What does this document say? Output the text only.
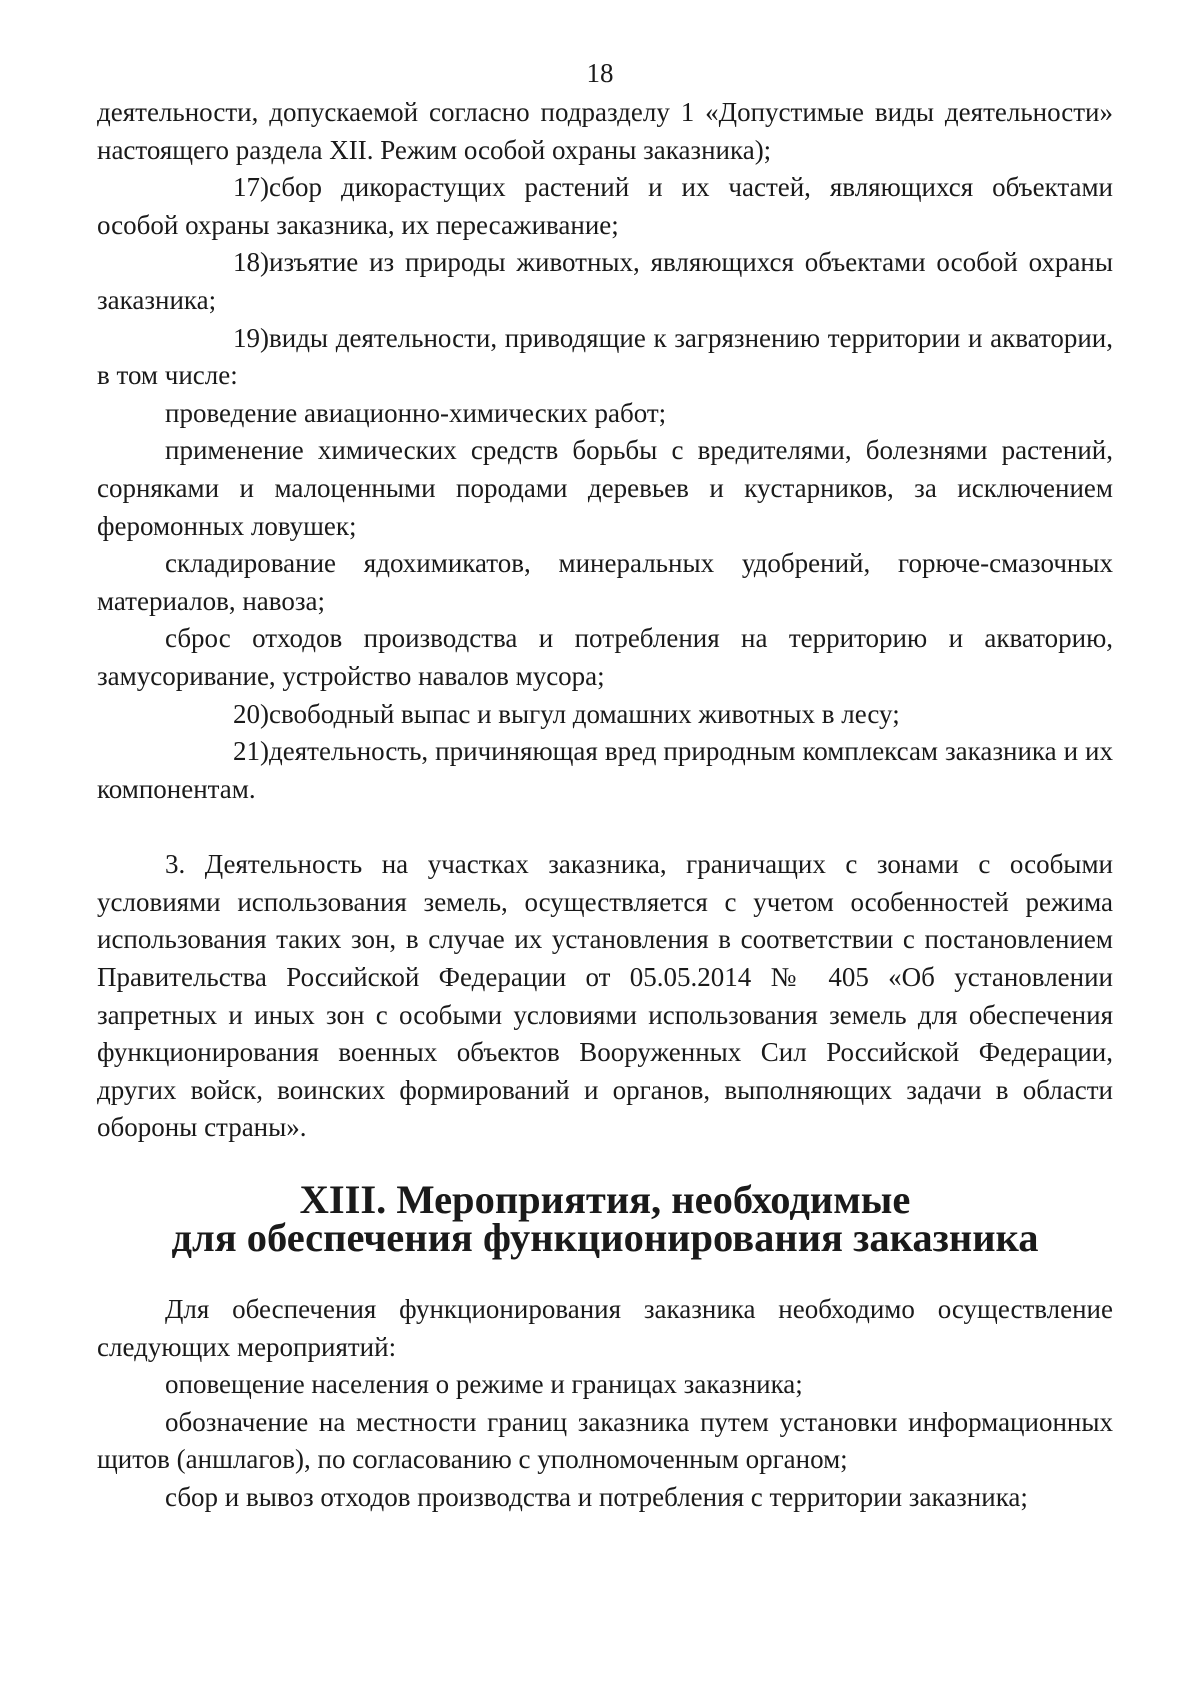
18

деятельности, допускаемой согласно подразделу 1 «Допустимые виды деятельности» настоящего раздела XII. Режим особой охраны заказника);

17)сбор дикорастущих растений и их частей, являющихся объектами особой охраны заказника, их пересаживание;

18)изъятие из природы животных, являющихся объектами особой охраны заказника;

19)виды деятельности, приводящие к загрязнению территории и акватории, в том числе:

проведение авиационно-химических работ;

применение химических средств борьбы с вредителями, болезнями растений, сорняками и малоценными породами деревьев и кустарников, за исключением феромонных ловушек;

складирование ядохимикатов, минеральных удобрений, горюче-смазочных материалов, навоза;

сброс отходов производства и потребления на территорию и акваторию, замусоривание, устройство навалов мусора;

20)свободный выпас и выгул домашних животных в лесу;

21)деятельность, причиняющая вред природным комплексам заказника и их компонентам.

3. Деятельность на участках заказника, граничащих с зонами с особыми условиями использования земель, осуществляется с учетом особенностей режима использования таких зон, в случае их установления в соответствии с постановлением Правительства Российской Федерации от 05.05.2014 № 405 «Об установлении запретных и иных зон с особыми условиями использования земель для обеспечения функционирования военных объектов Вооруженных Сил Российской Федерации, других войск, воинских формирований и органов, выполняющих задачи в области обороны страны».

XIII. Мероприятия, необходимые
для обеспечения функционирования заказника

Для обеспечения функционирования заказника необходимо осуществление следующих мероприятий:

оповещение населения о режиме и границах заказника;

обозначение на местности границ заказника путем установки информационных щитов (аншлагов), по согласованию с уполномоченным органом;

сбор и вывоз отходов производства и потребления с территории заказника;
